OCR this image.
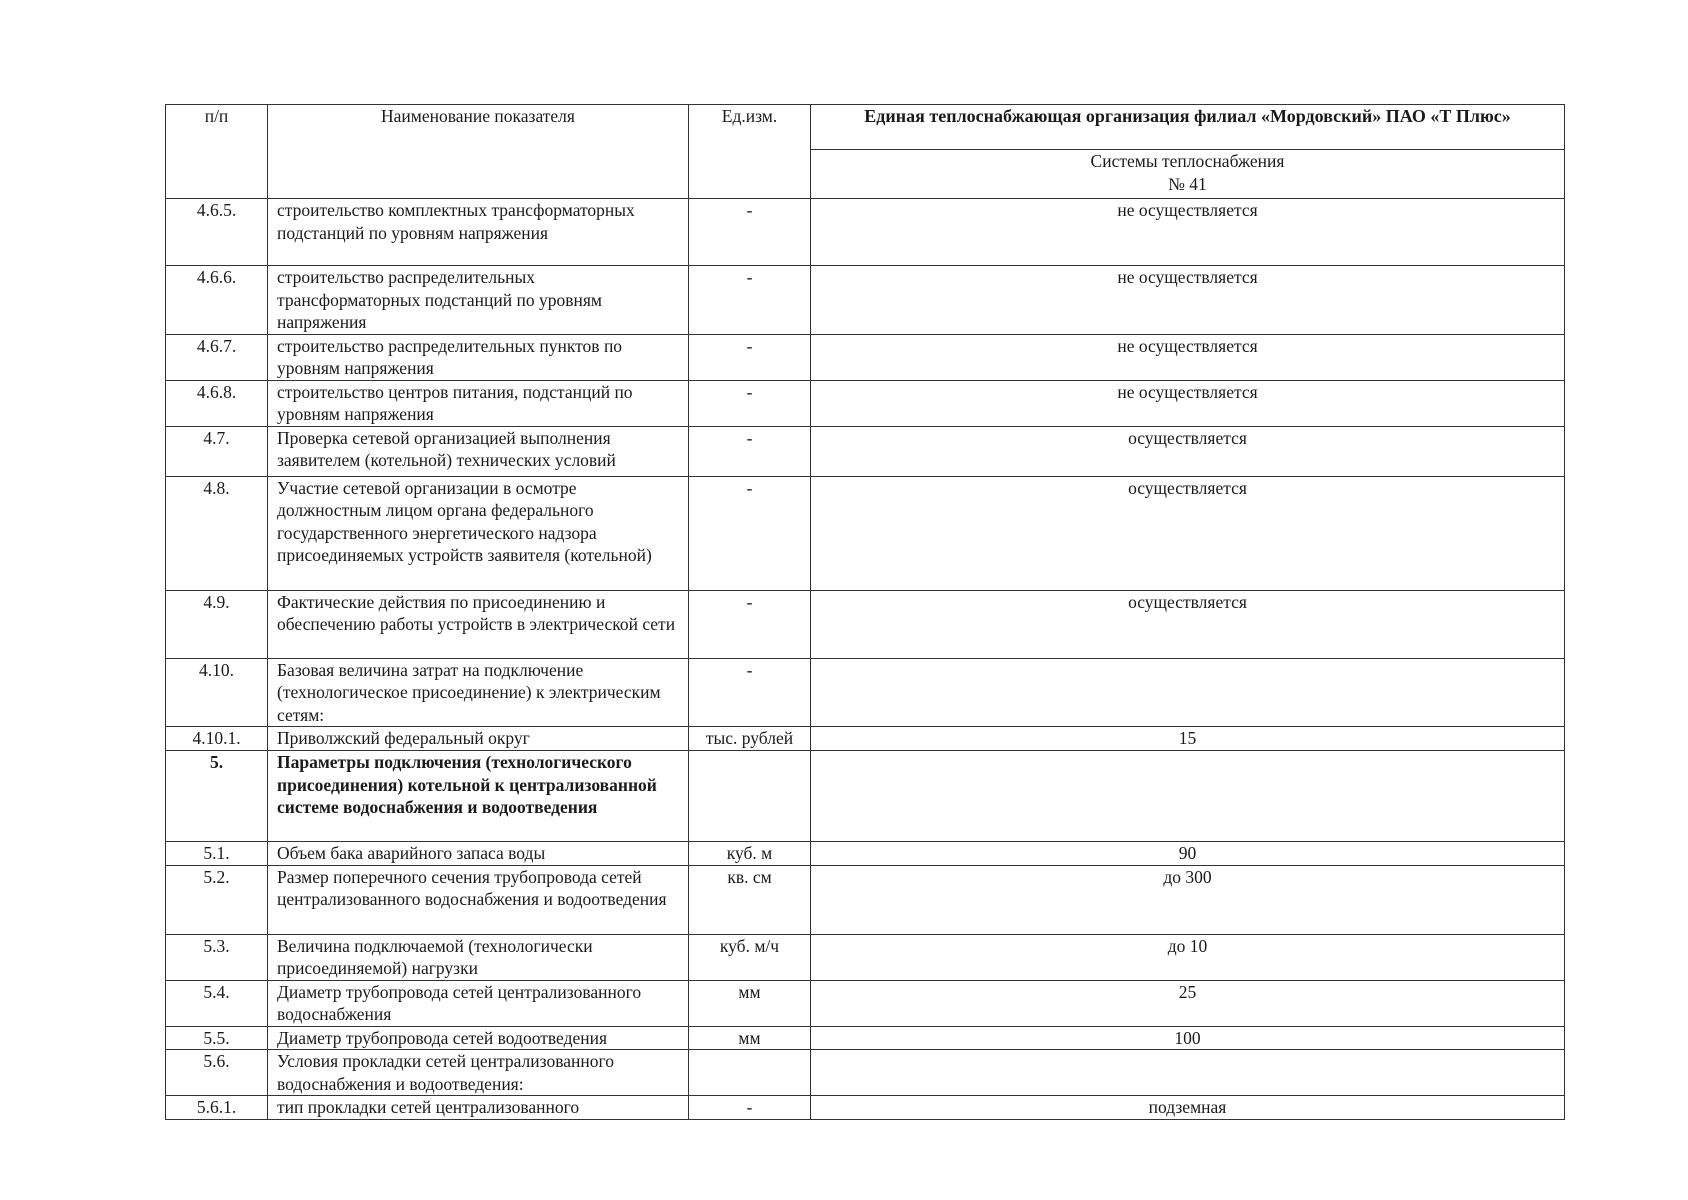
п/п	Наименование показателя	Ед.изм.	Единая теплоснабжающая организация филиал «Мордовский» ПАО «Т Плюс»

			Системы теплоснабжения
№ 41

4.6.5.	строительство комплектных трансформаторных подстанций по уровням напряжения	-	не осуществляется
4.6.6.	строительство распределительных трансформаторных подстанций по уровням напряжения	-	не осуществляется
4.6.7.	строительство распределительных пунктов по уровням напряжения	-	не осуществляется
4.6.8.	строительство центров питания, подстанций по уровням напряжения	-	не осуществляется
4.7.	Проверка сетевой организацией выполнения заявителем (котельной) технических условий	-	осуществляется
4.8.	Участие сетевой организации в осмотре должностным лицом органа федерального государственного энергетического надзора присоединяемых устройств заявителя (котельной)	-	осуществляется
4.9.	Фактические действия по присоединению и обеспечению работы устройств в электрической сети	-	осуществляется
4.10.	Базовая величина затрат на подключение (технологическое присоединение) к электрическим сетям:	-	
4.10.1.	Приволжский федеральный округ	тыс. рублей	15
5.	Параметры подключения (технологического присоединения) котельной к централизованной системе водоснабжения и водоотведения		
5.1.	Объем бака аварийного запаса воды	куб. м	90
5.2.	Размер поперечного сечения трубопровода сетей централизованного водоснабжения и водоотведения	кв. см	до 300
5.3.	Величина подключаемой (технологически присоединяемой) нагрузки	куб. м/ч	до 10
5.4.	Диаметр трубопровода сетей централизованного водоснабжения	мм	25
5.5.	Диаметр трубопровода сетей водоотведения	мм	100
5.6.	Условия прокладки сетей централизованного водоснабжения и водоотведения:		
5.6.1.	тип прокладки сетей централизованного	-	подземная
